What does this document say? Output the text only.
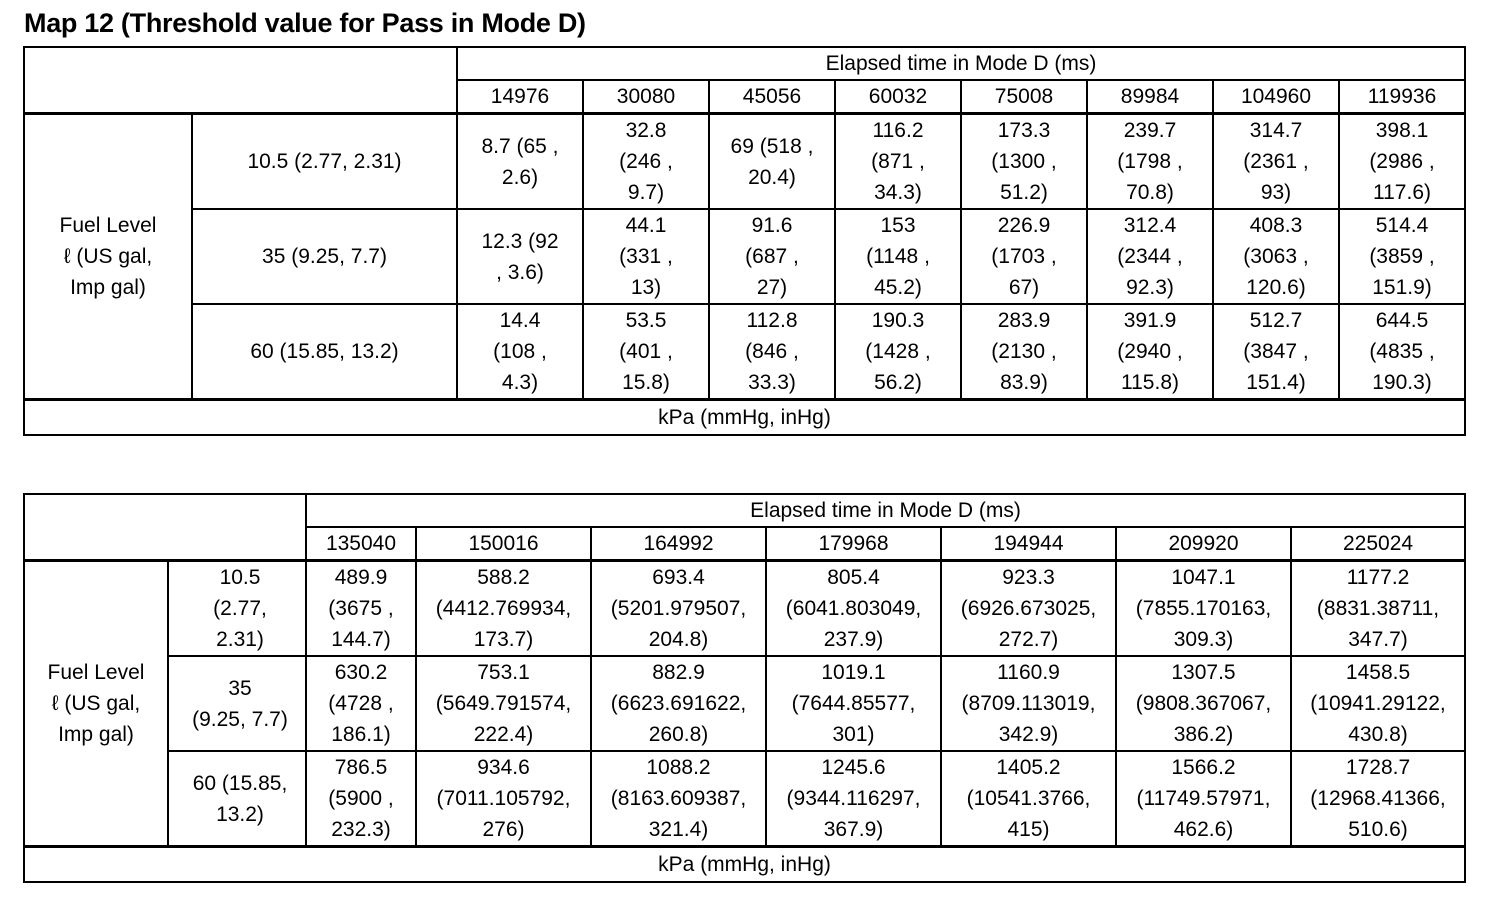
Map 12 (Threshold value for Pass in Mode D)
		Elapsed time in Mode D (ms)							
		14976	30080	45056	60032	75008	89984	104960	119936

Fuel Level
ℓ (US gal,
Imp gal)	10.5 (2.77, 2.31)	8.7 (65 ,
2.6)	32.8
(246 ,
9.7)	69 (518 ,
20.4)	116.2
(871 ,
34.3)	173.3
(1300 ,
51.2)	239.7
(1798 ,
70.8)	314.7
(2361 ,
93)	398.1
(2986 ,
117.6)

	35 (9.25, 7.7)	12.3 (92
, 3.6)	44.1
(331 ,
13)	91.6
(687 ,
27)	153
(1148 ,
45.2)	226.9
(1703 ,
67)	312.4
(2344 ,
92.3)	408.3
(3063 ,
120.6)	514.4
(3859 ,
151.9)

	60 (15.85, 13.2)	14.4
(108 ,
4.3)	53.5
(401 ,
15.8)	112.8
(846 ,
33.3)	190.3
(1428 ,
56.2)	283.9
(2130 ,
83.9)	391.9
(2940 ,
115.8)	512.7
(3847 ,
151.4)	644.5
(4835 ,
190.3)

kPa (mmHg, inHg)									
		Elapsed time in Mode D (ms)						
		135040	150016	164992	179968	194944	209920	225024

Fuel Level
ℓ (US gal,
Imp gal)	10.5
(2.77,
2.31)	489.9
(3675 ,
144.7)	588.2
(4412.769934,
173.7)	693.4
(5201.979507,
204.8)	805.4
(6041.803049,
237.9)	923.3
(6926.673025,
272.7)	1047.1
(7855.170163,
309.3)	1177.2
(8831.38711,
347.7)

	35
(9.25, 7.7)	630.2
(4728 ,
186.1)	753.1
(5649.791574,
222.4)	882.9
(6623.691622,
260.8)	1019.1
(7644.85577,
301)	1160.9
(8709.113019,
342.9)	1307.5
(9808.367067,
386.2)	1458.5
(10941.29122,
430.8)

	60 (15.85,
13.2)	786.5
(5900 ,
232.3)	934.6
(7011.105792,
276)	1088.2
(8163.609387,
321.4)	1245.6
(9344.116297,
367.9)	1405.2
(10541.3766,
415)	1566.2
(11749.57971,
462.6)	1728.7
(12968.41366,
510.6)

kPa (mmHg, inHg)								
